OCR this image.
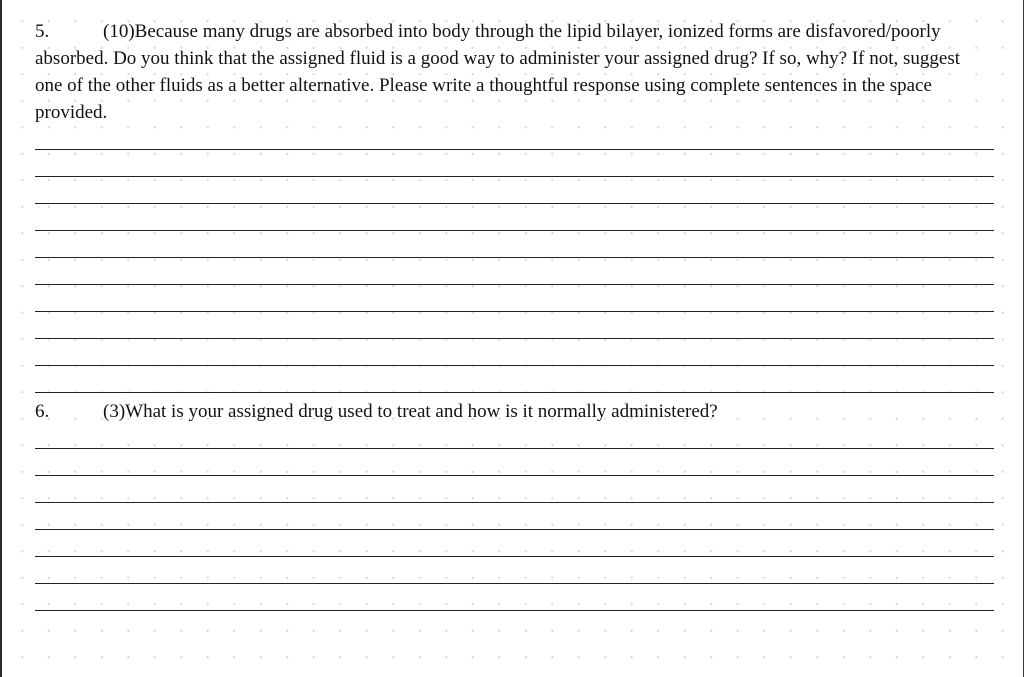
5.	(10)Because many drugs are absorbed into body through the lipid bilayer, ionized forms are disfavored/poorly absorbed. Do you think that the assigned fluid is a good way to administer your assigned drug? If so, why? If not, suggest one of the other fluids as a better alternative. Please write a thoughtful response using complete sentences in the space provided.

6.	(3)What is your assigned drug used to treat and how is it normally administered?
